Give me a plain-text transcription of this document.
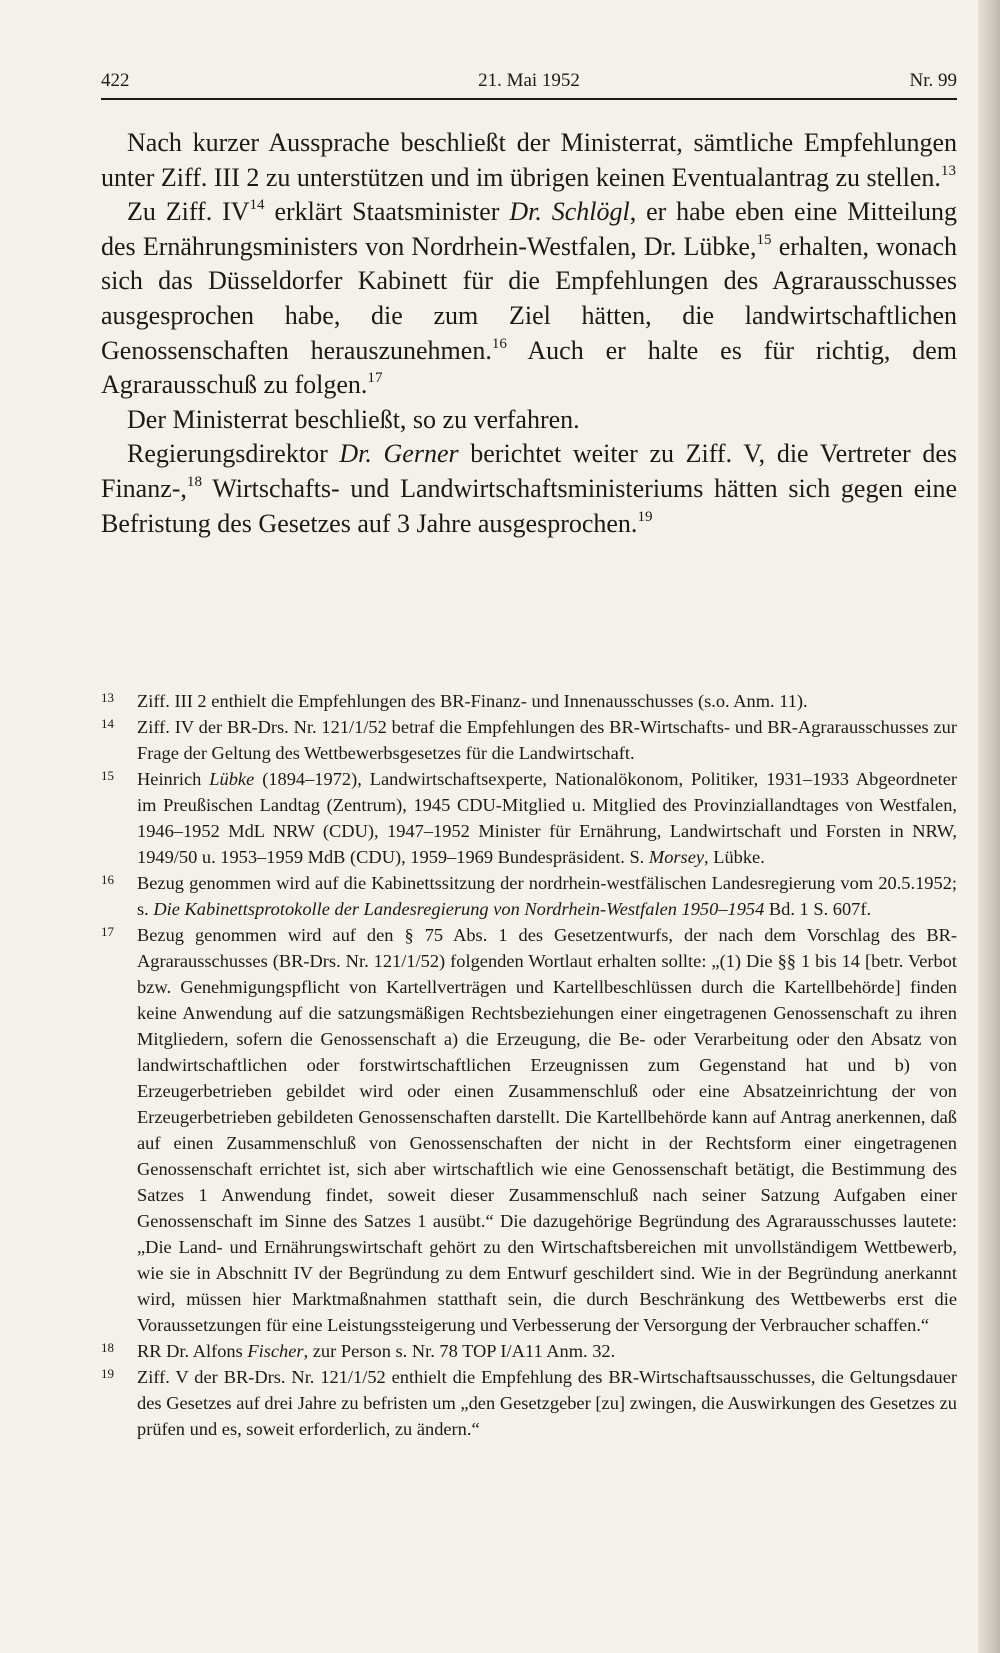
422	21. Mai 1952	Nr. 99

Nach kurzer Aussprache beschließt der Ministerrat, sämtliche Empfehlungen unter Ziff. III 2 zu unterstützen und im übrigen keinen Eventualantrag zu stellen.$^{13}$

Zu Ziff. IV$^{14}$ erklärt Staatsminister Dr. Schlögl, er habe eben eine Mitteilung des Ernährungsministers von Nordrhein-Westfalen, Dr. Lübke,$^{15}$ erhalten, wonach sich das Düsseldorfer Kabinett für die Empfehlungen des Agrarausschusses ausgesprochen habe, die zum Ziel hätten, die landwirtschaftlichen Genossenschaften herauszunehmen.$^{16}$ Auch er halte es für richtig, dem Agrarausschuß zu folgen.$^{17}$

Der Ministerrat beschließt, so zu verfahren.

Regierungsdirektor Dr. Gerner berichtet weiter zu Ziff. V, die Vertreter des Finanz-,$^{18}$ Wirtschafts- und Landwirtschaftsministeriums hätten sich gegen eine Befristung des Gesetzes auf 3 Jahre ausgesprochen.$^{19}$

13 Ziff. III 2 enthielt die Empfehlungen des BR-Finanz- und Innenausschusses (s.o. Anm. 11).
14 Ziff. IV der BR-Drs. Nr. 121/1/52 betraf die Empfehlungen des BR-Wirtschafts- und BR-Agrarausschusses zur Frage der Geltung des Wettbewerbsgesetzes für die Landwirtschaft.
15 Heinrich Lübke (1894–1972), Landwirtschaftsexperte, Nationalökonom, Politiker, 1931–1933 Abgeordneter im Preußischen Landtag (Zentrum), 1945 CDU-Mitglied u. Mitglied des Provinziallandtages von Westfalen, 1946–1952 MdL NRW (CDU), 1947–1952 Minister für Ernährung, Landwirtschaft und Forsten in NRW, 1949/50 u. 1953–1959 MdB (CDU), 1959–1969 Bundespräsident. S. Morsey, Lübke.
16 Bezug genommen wird auf die Kabinettssitzung der nordrhein-westfälischen Landesregierung vom 20.5.1952; s. Die Kabinettsprotokolle der Landesregierung von Nordrhein-Westfalen 1950–1954 Bd. 1 S. 607f.
17 Bezug genommen wird auf den § 75 Abs. 1 des Gesetzentwurfs, der nach dem Vorschlag des BR-Agrarausschusses (BR-Drs. Nr. 121/1/52) folgenden Wortlaut erhalten sollte: „(1) Die §§ 1 bis 14 [betr. Verbot bzw. Genehmigungspflicht von Kartellverträgen und Kartellbeschlüssen durch die Kartellbehörde] finden keine Anwendung auf die satzungsmäßigen Rechtsbeziehungen einer eingetragenen Genossenschaft zu ihren Mitgliedern, sofern die Genossenschaft a) die Erzeugung, die Be- oder Verarbeitung oder den Absatz von landwirtschaftlichen oder forstwirtschaftlichen Erzeugnissen zum Gegenstand hat und b) von Erzeugerbetrieben gebildet wird oder einen Zusammenschluß oder eine Absatzeinrichtung der von Erzeugerbetrieben gebildeten Genossenschaften darstellt. Die Kartellbehörde kann auf Antrag anerkennen, daß auf einen Zusammenschluß von Genossenschaften der nicht in der Rechtsform einer eingetragenen Genossenschaft errichtet ist, sich aber wirtschaftlich wie eine Genossenschaft betätigt, die Bestimmung des Satzes 1 Anwendung findet, soweit dieser Zusammenschluß nach seiner Satzung Aufgaben einer Genossenschaft im Sinne des Satzes 1 ausübt.“ Die dazugehörige Begründung des Agrarausschusses lautete: „Die Land- und Ernährungswirtschaft gehört zu den Wirtschaftsbereichen mit unvollständigem Wettbewerb, wie sie in Abschnitt IV der Begründung zu dem Entwurf geschildert sind. Wie in der Begründung anerkannt wird, müssen hier Marktmaßnahmen statthaft sein, die durch Beschränkung des Wettbewerbs erst die Voraussetzungen für eine Leistungssteigerung und Verbesserung der Versorgung der Verbraucher schaffen.“
18 RR Dr. Alfons Fischer, zur Person s. Nr. 78 TOP I/A11 Anm. 32.
19 Ziff. V der BR-Drs. Nr. 121/1/52 enthielt die Empfehlung des BR-Wirtschaftsausschusses, die Geltungsdauer des Gesetzes auf drei Jahre zu befristen um „den Gesetzgeber [zu] zwingen, die Auswirkungen des Gesetzes zu prüfen und es, soweit erforderlich, zu ändern.“
